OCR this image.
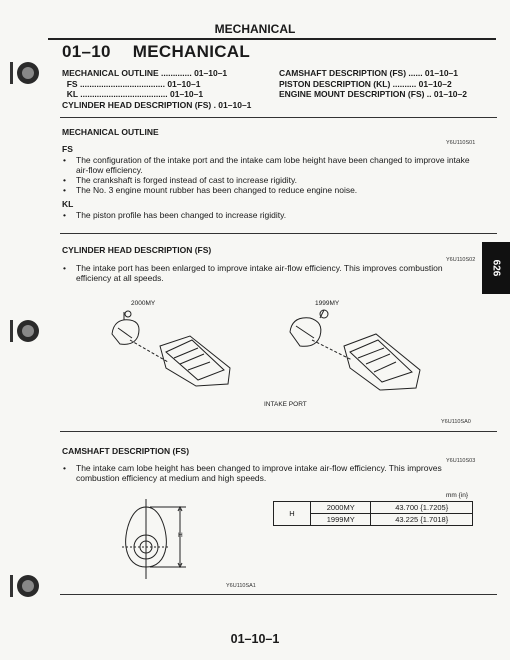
MECHANICAL
01–10 MECHANICAL
MECHANICAL OUTLINE ............. 01–10–1
FS .................................... 01–10–1
KL ..................................... 01–10–1
CYLINDER HEAD DESCRIPTION (FS) . 01–10–1
CAMSHAFT DESCRIPTION (FS) ...... 01–10–1
PISTON DESCRIPTION (KL) .......... 01–10–2
ENGINE MOUNT DESCRIPTION (FS) .. 01–10–2
MECHANICAL OUTLINE
Y6U110S01
FS
• The configuration of the intake port and the intake cam lobe height have been changed to improve intake air-flow efficiency.
• The crankshaft is forged instead of cast to increase rigidity.
• The No. 3 engine mount rubber has been changed to reduce engine noise.
KL
• The piston profile has been changed to increase rigidity.
CYLINDER HEAD DESCRIPTION (FS)
Y6U110S02
• The intake port has been enlarged to improve intake air-flow efficiency. This improves combustion efficiency at all speeds.
2000MY	1999MY
INTAKE PORT
Y6U110SA0
CAMSHAFT DESCRIPTION (FS)
Y6U110S03
• The intake cam lobe height has been changed to improve intake air-flow efficiency. This improves combustion efficiency at medium and high speeds.
mm {in}
H	2000MY	43.700 {1.7205}
	1999MY	43.225 {1.7018}
H
Y6U110SA1
626
01–10–1
